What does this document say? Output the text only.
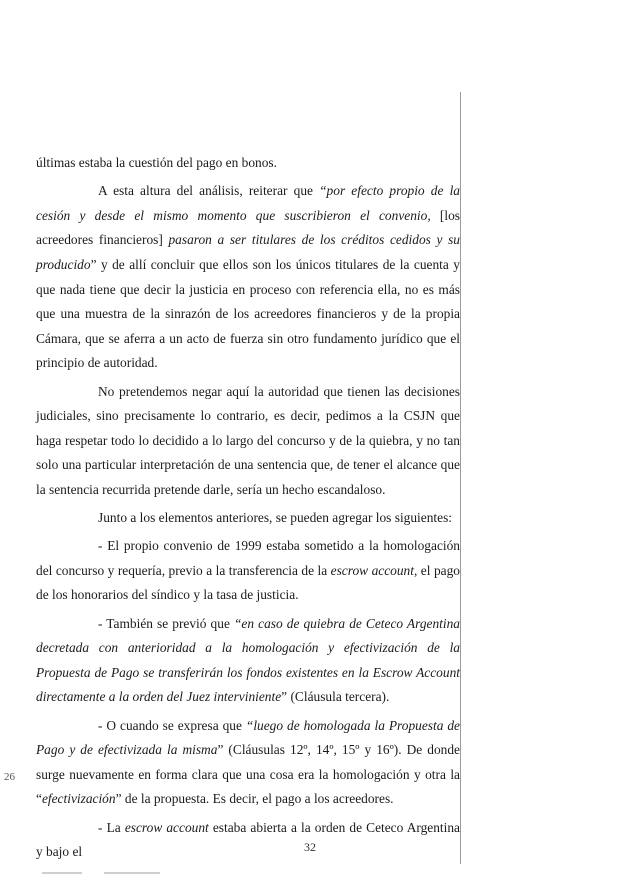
últimas estaba la cuestión del pago en bonos.

A esta altura del análisis, reiterar que “por efecto propio de la cesión y desde el mismo momento que suscribieron el convenio, [los acreedores financieros] pasaron a ser titulares de los créditos cedidos y su producido” y de allí concluir que ellos son los únicos titulares de la cuenta y que nada tiene que decir la justicia en proceso con referencia ella, no es más que una muestra de la sinrazón de los acreedores financieros y de la propia Cámara, que se aferra a un acto de fuerza sin otro fundamento jurídico que el principio de autoridad.

No pretendemos negar aquí la autoridad que tienen las decisiones judiciales, sino precisamente lo contrario, es decir, pedimos a la CSJN que haga respetar todo lo decidido a lo largo del concurso y de la quiebra, y no tan solo una particular interpretación de una sentencia que, de tener el alcance que la sentencia recurrida pretende darle, sería un hecho escandaloso.

Junto a los elementos anteriores, se pueden agregar los siguientes:

- El propio convenio de 1999 estaba sometido a la homologación del concurso y requería, previo a la transferencia de la escrow account, el pago de los honorarios del síndico y la tasa de justicia.

- También se previó que “en caso de quiebra de Ceteco Argentina decretada con anterioridad a la homologación y efectivización de la Propuesta de Pago se transferirán los fondos existentes en la Escrow Account directamente a la orden del Juez interviniente” (Cláusula tercera).

- O cuando se expresa que “luego de homologada la Propuesta de Pago y de efectivizada la misma” (Cláusulas 12º, 14º, 15º y 16º). De donde surge nuevamente en forma clara que una cosa era la homologación y otra la “efectivización” de la propuesta. Es decir, el pago a los acreedores.

- La escrow account estaba abierta a la orden de Ceteco Argentina y bajo el

26
32
